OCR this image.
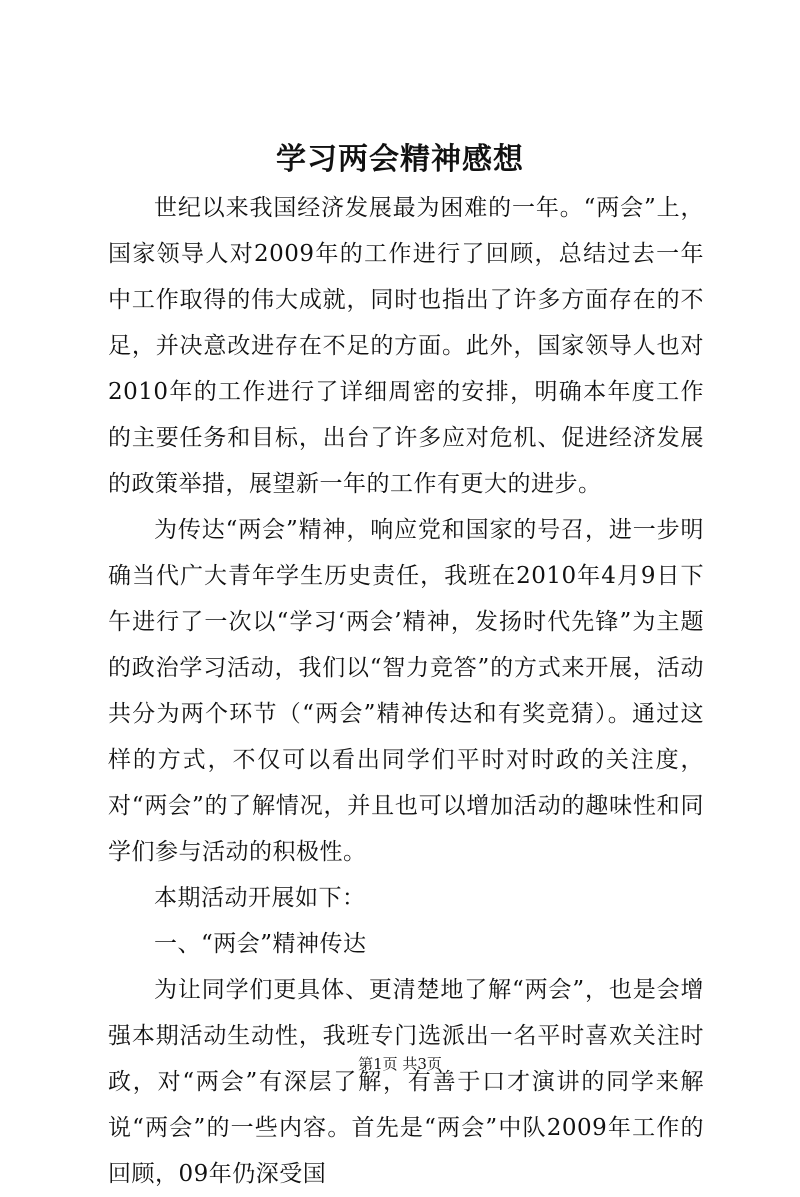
学习两会精神感想

世纪以来我国经济发展最为困难的一年。“两会”上，国家领导人对2009年的工作进行了回顾，总结过去一年中工作取得的伟大成就，同时也指出了许多方面存在的不足，并决意改进存在不足的方面。此外，国家领导人也对2010年的工作进行了详细周密的安排，明确本年度工作的主要任务和目标，出台了许多应对危机、促进经济发展的政策举措，展望新一年的工作有更大的进步。

为传达“两会”精神，响应党和国家的号召，进一步明确当代广大青年学生历史责任，我班在2010年4月9日下午进行了一次以“学习‘两会’精神，发扬时代先锋”为主题的政治学习活动，我们以“智力竞答”的方式来开展，活动共分为两个环节（“两会”精神传达和有奖竞猜）。通过这样的方式，不仅可以看出同学们平时对时政的关注度，对“两会”的了解情况，并且也可以增加活动的趣味性和同学们参与活动的积极性。

本期活动开展如下：

一、“两会”精神传达

为让同学们更具体、更清楚地了解“两会”，也是会增强本期活动生动性，我班专门选派出一名平时喜欢关注时政，对“两会”有深层了解，有善于口才演讲的同学来解说“两会”的一些内容。首先是“两会”中队2009年工作的回顾，09年仍深受国

第1页 共3页
